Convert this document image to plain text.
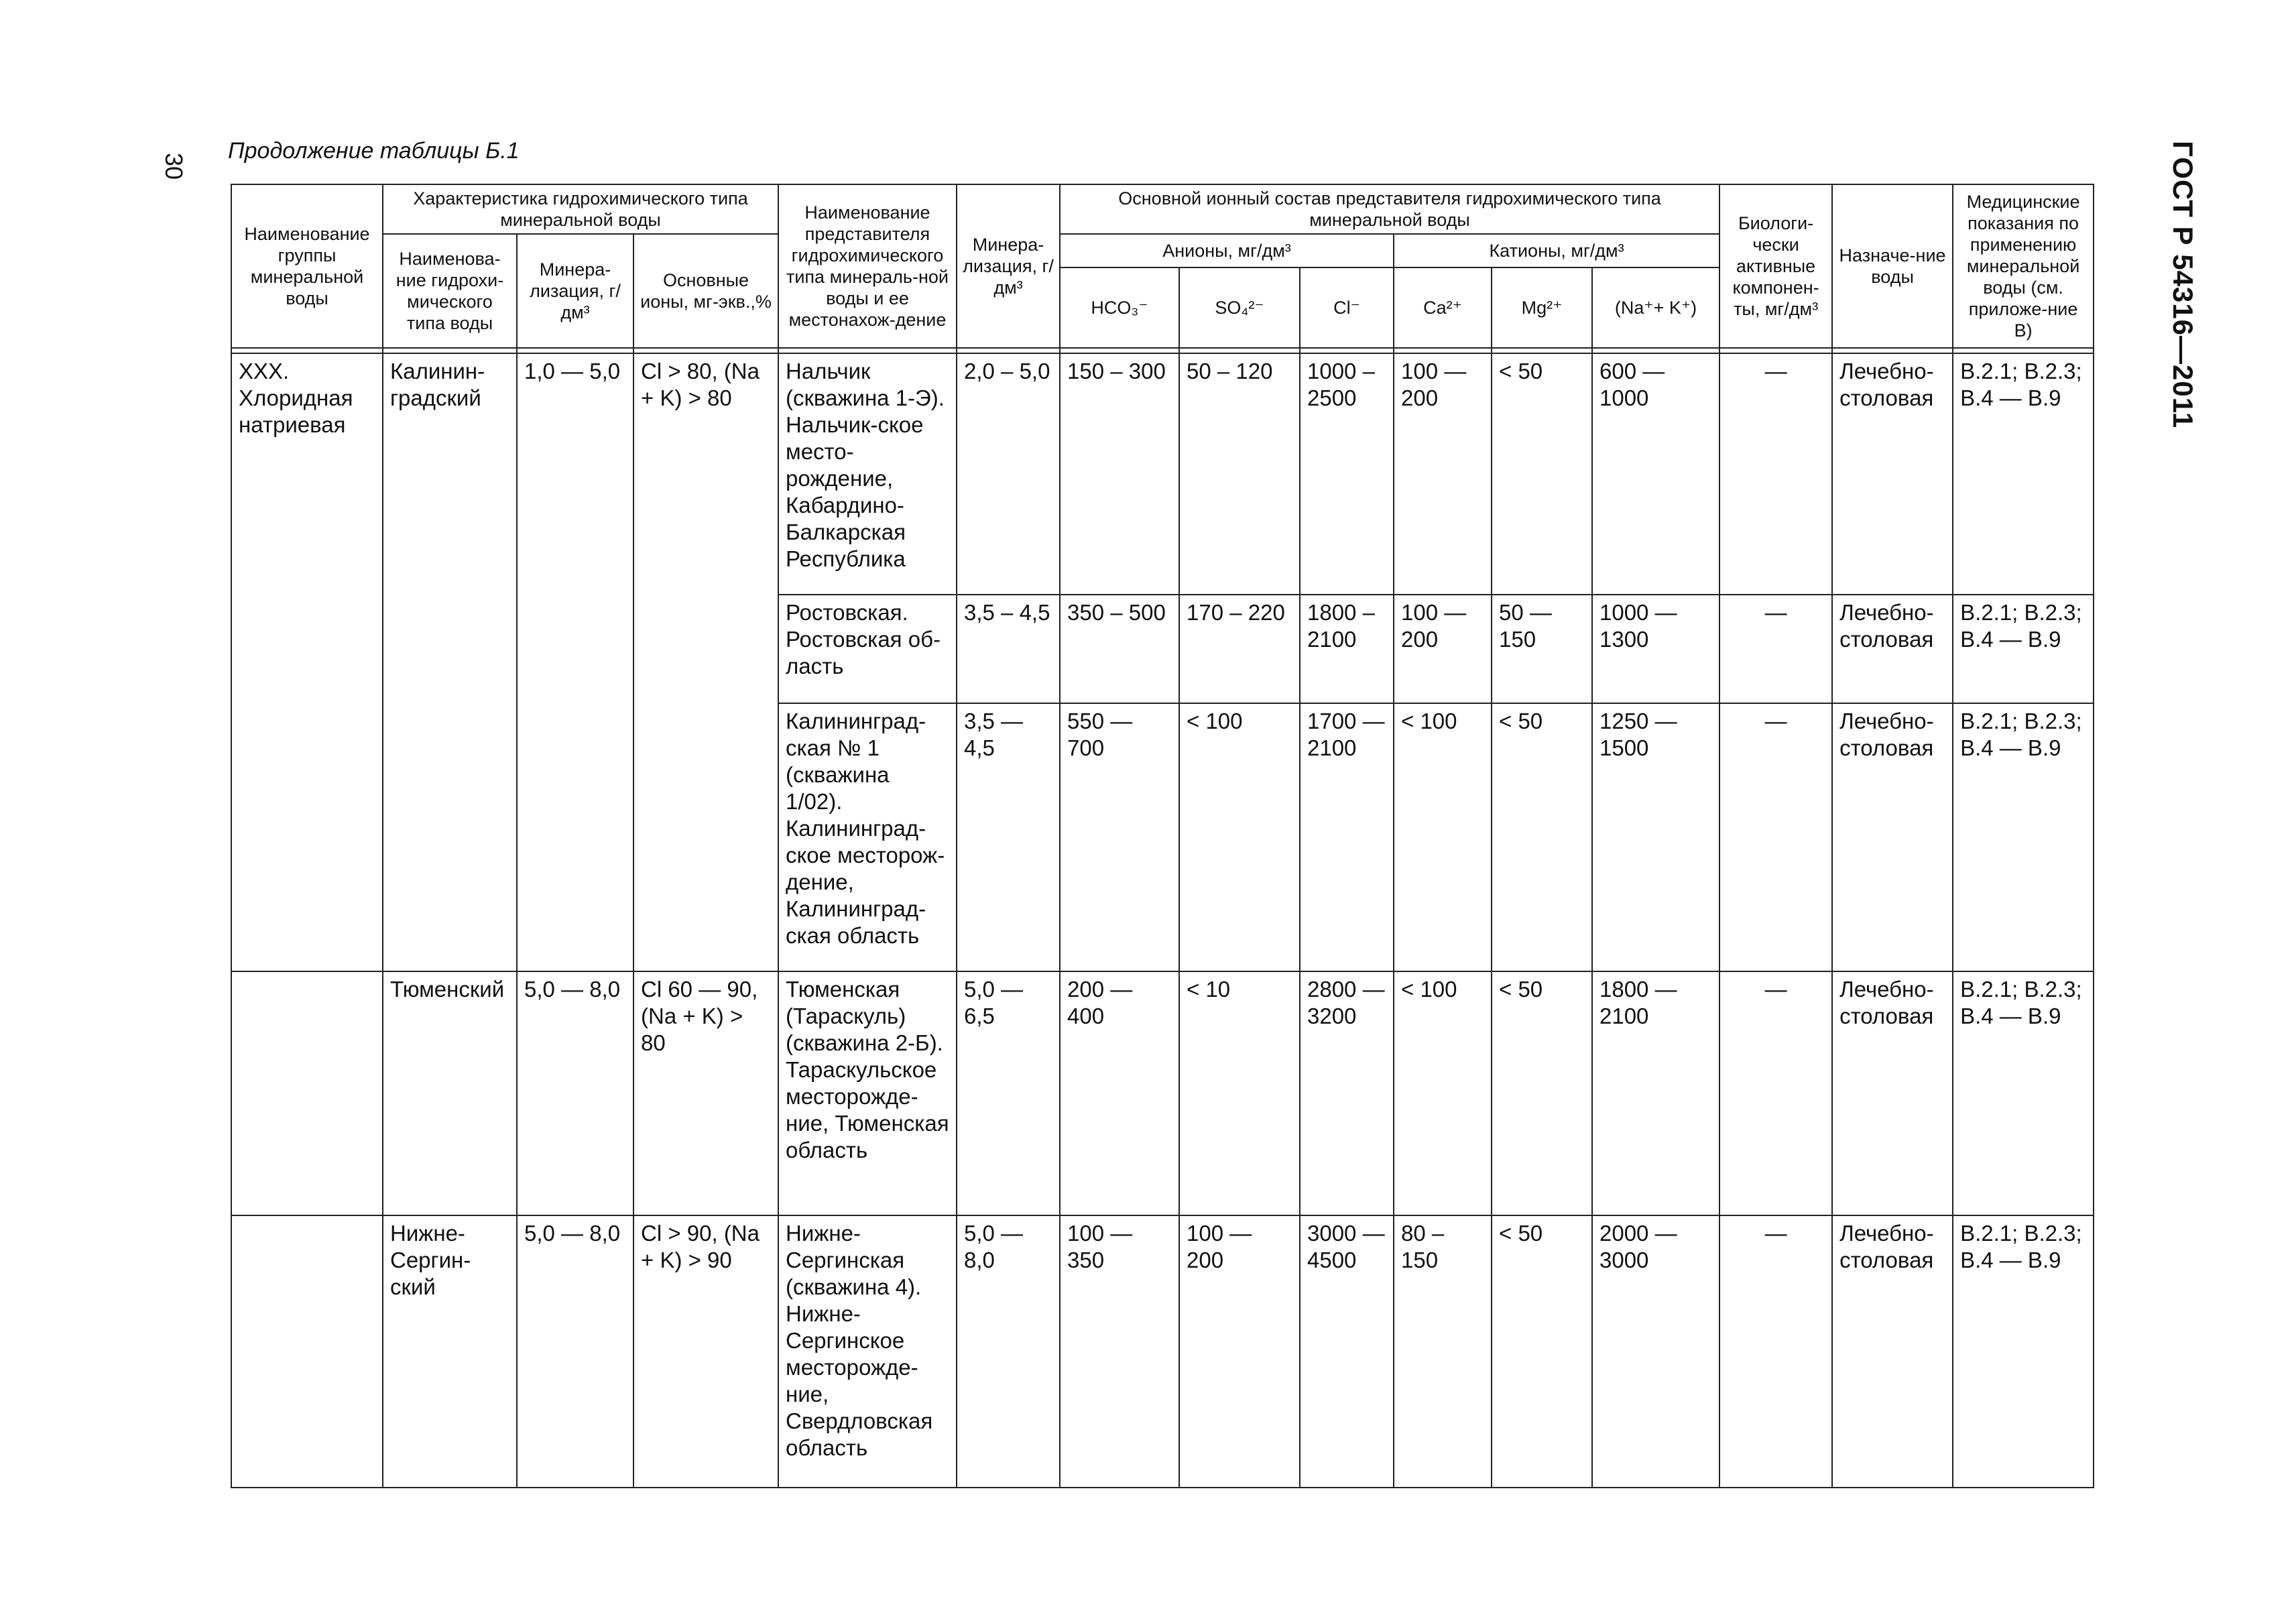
30
Продолжение таблицы Б.1	ГОСТ Р 54316—2011
Наименование группы минеральной воды	Характеристика гидрохимического типа минеральной воды			Наименование представителя гидрохимического типа минераль-ной воды и ее местонахож-дение	Минера-лизация, г/дм³	Основной ионный состав представителя гидрохимического типа минеральной воды						Биологи-чески активные компонен-ты, мг/дм³	Назначе-ние воды	Медицинские показания по применению минеральной воды (см. приложе-ние В)
	Наименова-ние гидрохи-мического типа воды	Минера-лизация, г/дм³	Основные ионы, мг-экв.,%			Анионы, мг/дм³			Катионы, мг/дм³					
						HCO₃⁻	SO₄²⁻	Cl⁻	Ca²⁺	Mg²⁺	(Na⁺+ K⁺)			

XXX. Хлоридная натриевая	Калинин-градский	1,0 — 5,0	Cl > 80, (Na + K) > 80	Нальчик (скважина 1-Э). Нальчик-ское место-рождение, Кабардино-Балкарская Республика	2,0 – 5,0	150 – 300	50 – 120	1000 – 2500	100 — 200	< 50	600 — 1000	—	Лечебно-столовая	В.2.1; В.2.3; В.4 — В.9
				Ростовская. Ростовская об-ласть	3,5 – 4,5	350 – 500	170 – 220	1800 – 2100	100 — 200	50 — 150	1000 — 1300	—	Лечебно-столовая	В.2.1; В.2.3; В.4 — В.9
				Калининград-ская № 1 (скважина 1/02). Калининград-ское месторож-дение, Калининград-ская область	3,5 — 4,5	550 — 700	< 100	1700 — 2100	< 100	< 50	1250 — 1500	—	Лечебно-столовая	В.2.1; В.2.3; В.4 — В.9
	Тюменский	5,0 — 8,0	Cl 60 — 90, (Na + K) > 80	Тюменская (Тараскуль) (скважина 2-Б). Тараскульское месторожде-ние, Тюменская область	5,0 — 6,5	200 — 400	< 10	2800 — 3200	< 100	< 50	1800 — 2100	—	Лечебно-столовая	В.2.1; В.2.3; В.4 — В.9
	Нижне-Сергин-ский	5,0 — 8,0	Cl > 90, (Na + K) > 90	Нижне-Сергинская (скважина 4). Нижне-Сергинское месторожде-ние, Свердловская область	5,0 — 8,0	100 — 350	100 — 200	3000 — 4500	80 – 150	< 50	2000 — 3000	—	Лечебно-столовая	В.2.1; В.2.3; В.4 — В.9
